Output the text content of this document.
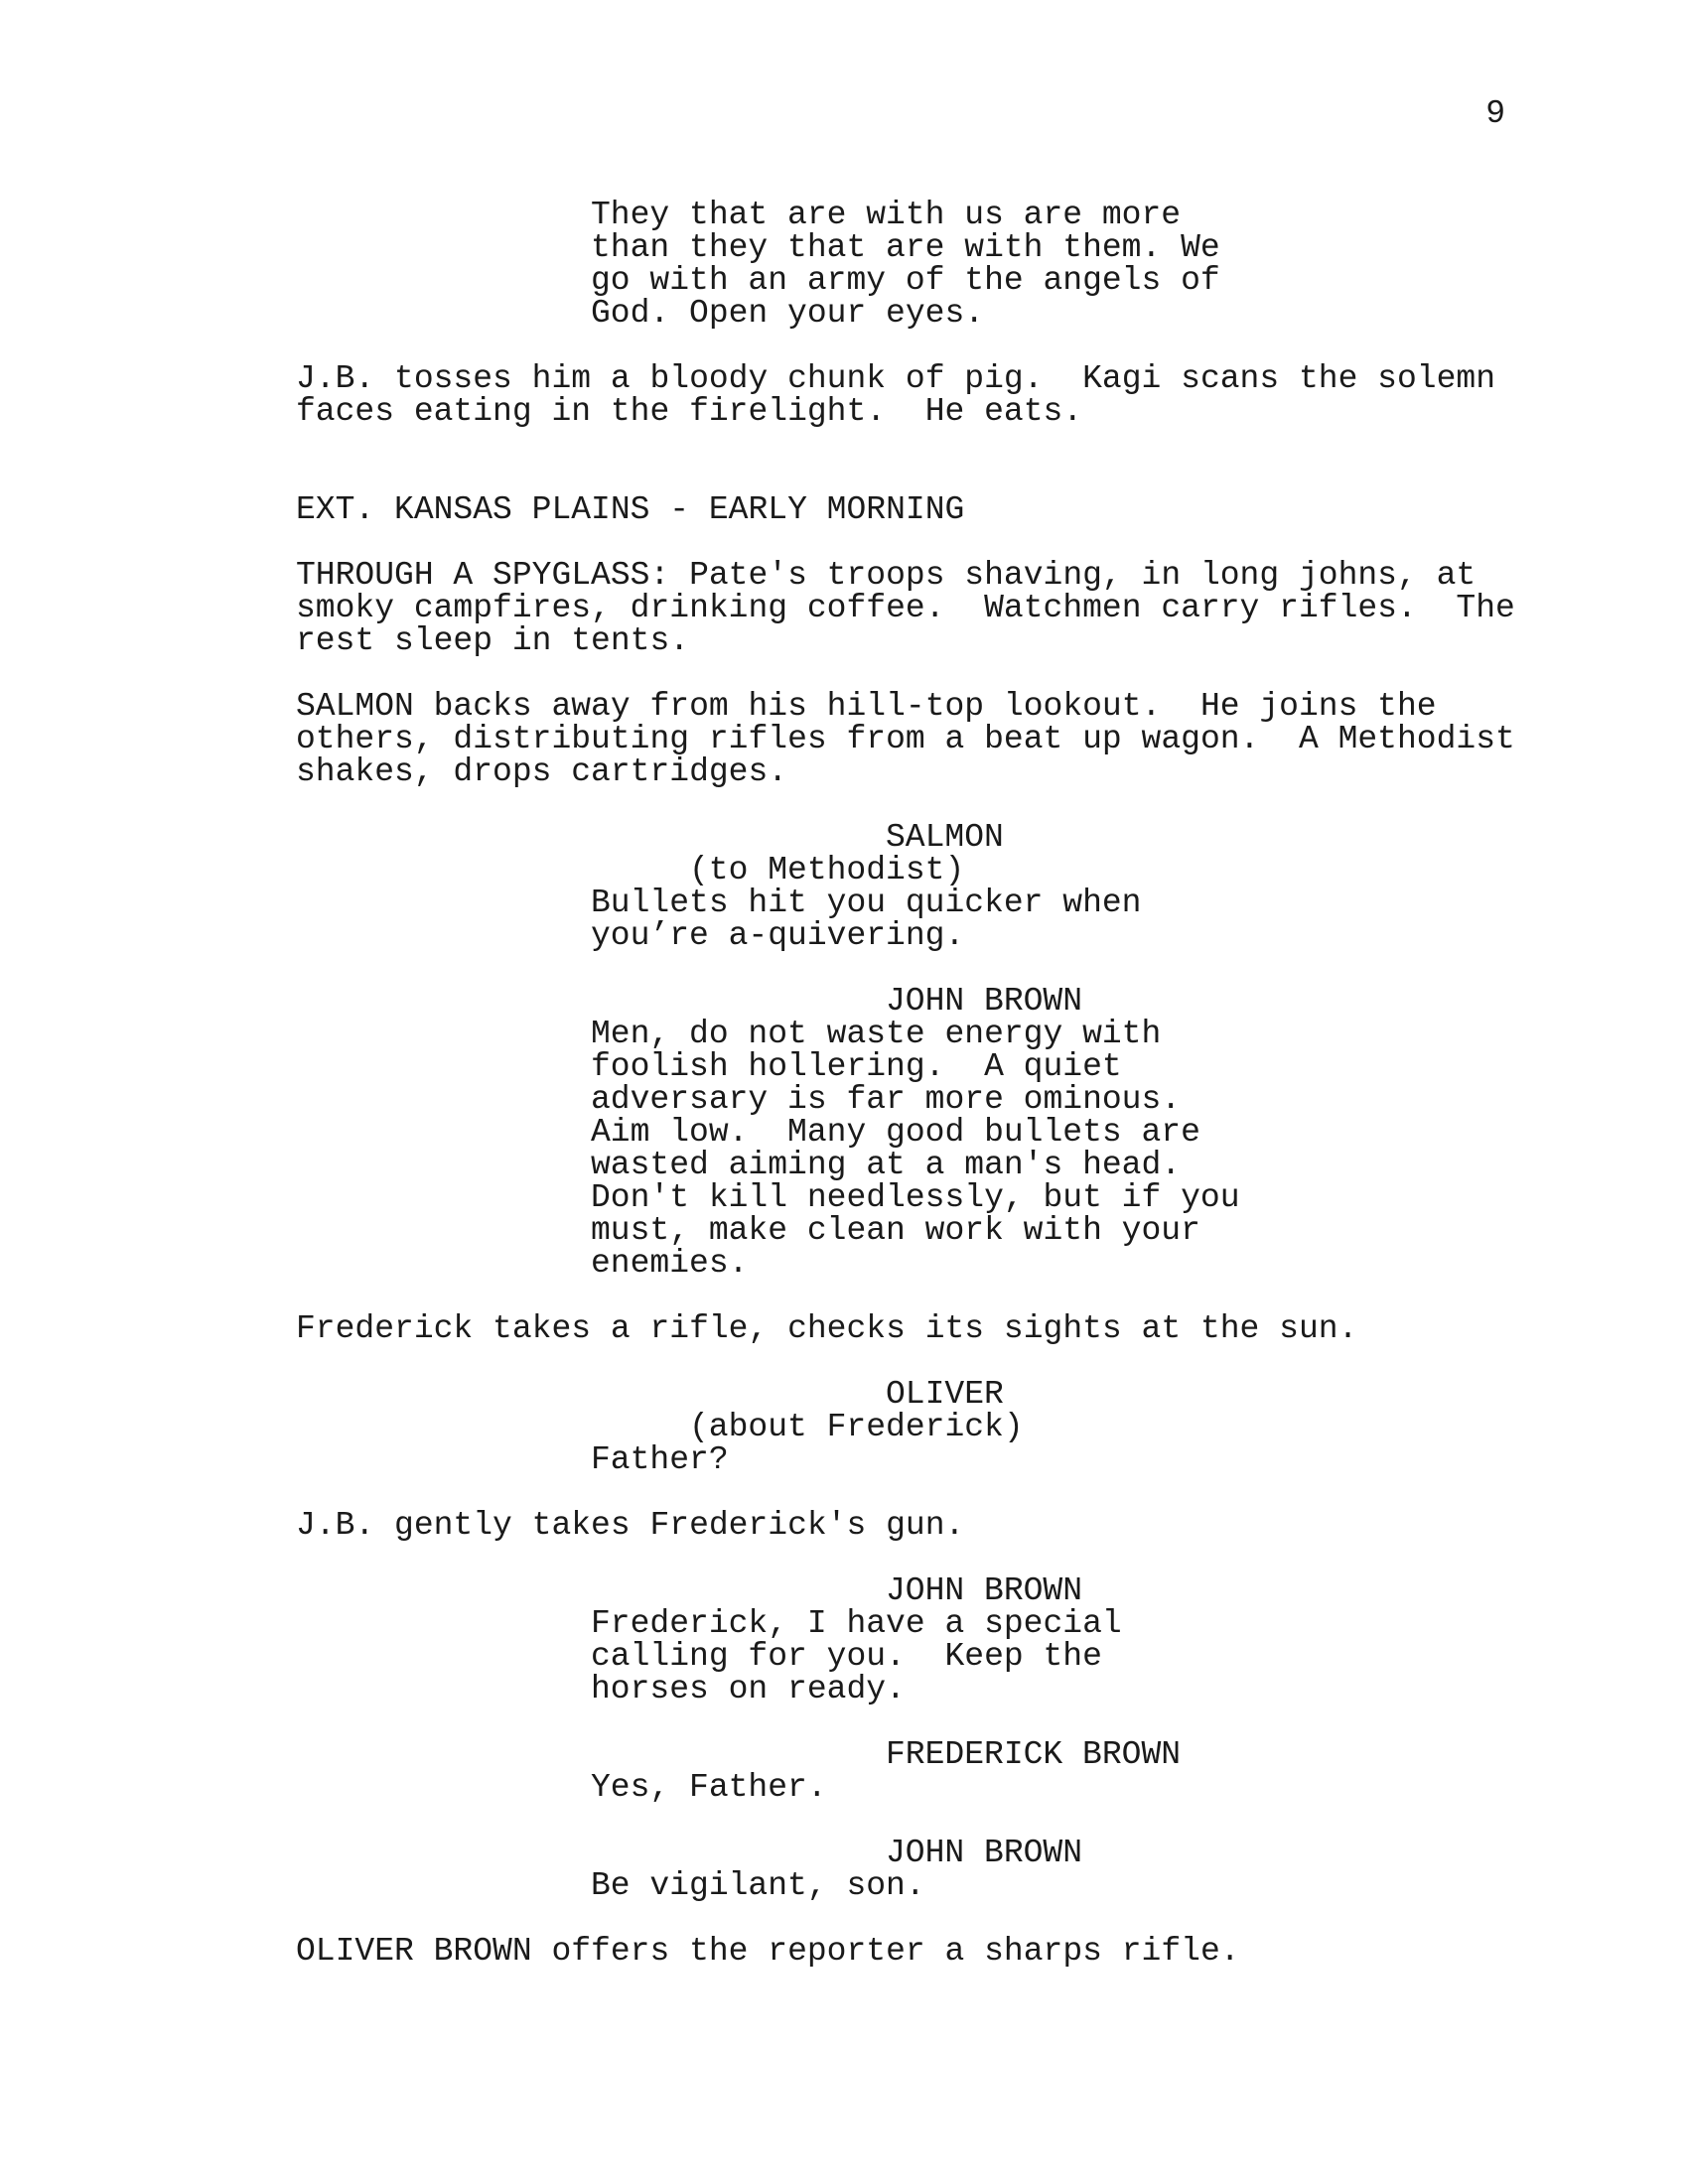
9
They that are with us are more
than they that are with them. We
go with an army of the angels of
God. Open your eyes.
J.B. tosses him a bloody chunk of pig.  Kagi scans the solemn
faces eating in the firelight.  He eats.
EXT. KANSAS PLAINS - EARLY MORNING
THROUGH A SPYGLASS: Pate's troops shaving, in long johns, at
smoky campfires, drinking coffee.  Watchmen carry rifles.  The
rest sleep in tents.
SALMON backs away from his hill-top lookout.  He joins the
others, distributing rifles from a beat up wagon.  A Methodist
shakes, drops cartridges.
SALMON
(to Methodist)
Bullets hit you quicker when
you’re a-quivering.
JOHN BROWN
Men, do not waste energy with
foolish hollering.  A quiet
adversary is far more ominous.
Aim low.  Many good bullets are
wasted aiming at a man's head.
Don't kill needlessly, but if you
must, make clean work with your
enemies.
Frederick takes a rifle, checks its sights at the sun.
OLIVER
(about Frederick)
Father?
J.B. gently takes Frederick's gun.
JOHN BROWN
Frederick, I have a special
calling for you.  Keep the
horses on ready.
FREDERICK BROWN
Yes, Father.
JOHN BROWN
Be vigilant, son.
OLIVER BROWN offers the reporter a sharps rifle.
